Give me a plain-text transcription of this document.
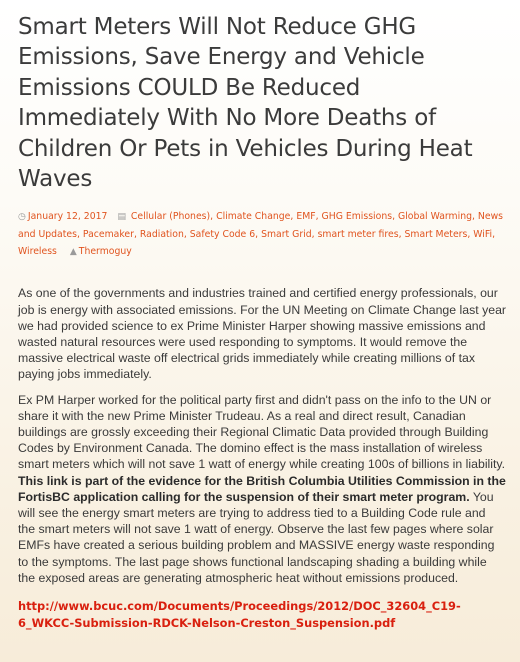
Smart Meters Will Not Reduce GHG Emissions, Save Energy and Vehicle Emissions COULD Be Reduced Immediately With No More Deaths of Children Or Pets in Vehicles During Heat Waves
◷ January 12, 2017 ▤ Cellular (Phones), Climate Change, EMF, GHG Emissions, Global Warming, News and Updates, Pacemaker, Radiation, Safety Code 6, Smart Grid, smart meter fires, Smart Meters, WiFi, Wireless ▲ Thermoguy

As one of the governments and industries trained and certified energy professionals, our job is energy with associated emissions. For the UN Meeting on Climate Change last year we had provided science to ex Prime Minister Harper showing massive emissions and wasted natural resources were used responding to symptoms. It would remove the massive electrical waste off electrical grids immediately while creating millions of tax paying jobs immediately.

Ex PM Harper worked for the political party first and didn't pass on the info to the UN or share it with the new Prime Minister Trudeau. As a real and direct result, Canadian buildings are grossly exceeding their Regional Climatic Data provided through Building Codes by Environment Canada. The domino effect is the mass installation of wireless smart meters which will not save 1 watt of energy while creating 100s of billions in liability. This link is part of the evidence for the British Columbia Utilities Commission in the FortisBC application calling for the suspension of their smart meter program. You will see the energy smart meters are trying to address tied to a Building Code rule and the smart meters will not save 1 watt of energy. Observe the last few pages where solar EMFs have created a serious building problem and MASSIVE energy waste responding to the symptoms. The last page shows functional landscaping shading a building while the exposed areas are generating atmospheric heat without emissions produced.

http://www.bcuc.com/Documents/Proceedings/2012/DOC_32604_C19-6_WKCC-Submission-RDCK-Nelson-Creston_Suspension.pdf
